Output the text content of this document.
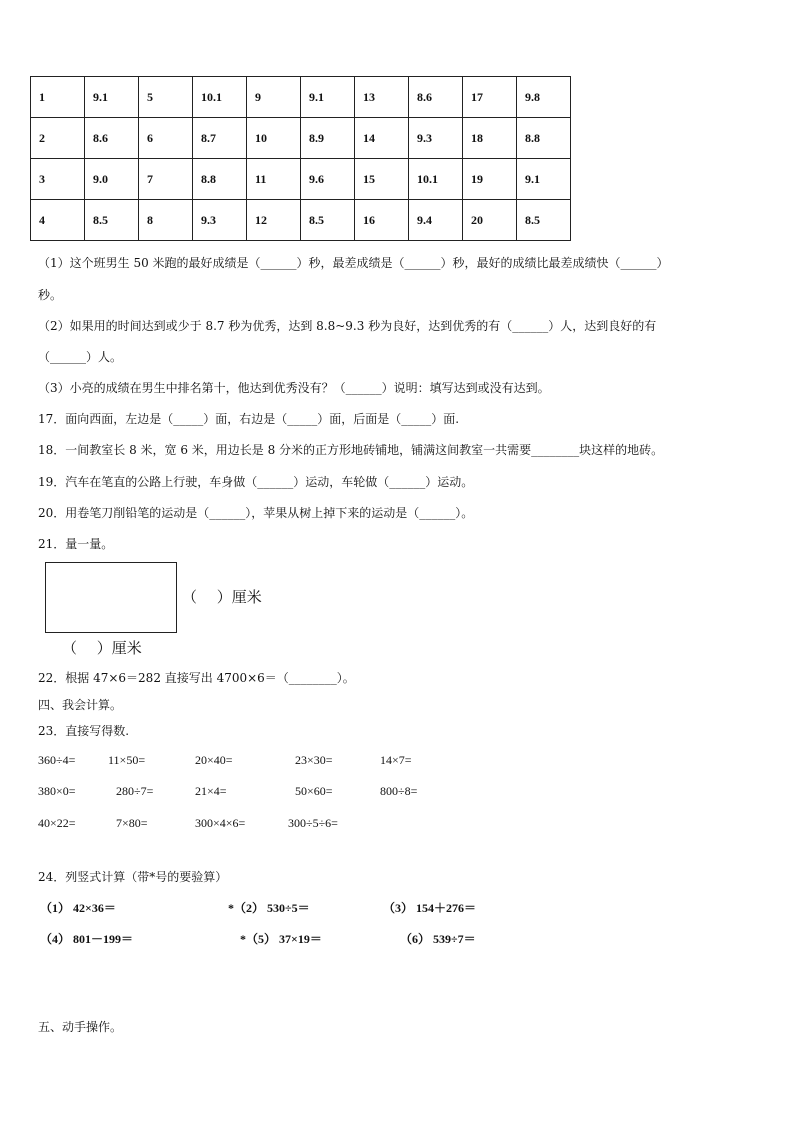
1	9.1	5	10.1	9	9.1	13	8.6	17	9.8
2	8.6	6	8.7	10	8.9	14	9.3	18	8.8
3	9.0	7	8.8	11	9.6	15	10.1	19	9.1
4	8.5	8	9.3	12	8.5	16	9.4	20	8.5
（1）这个班男生 50 米跑的最好成绩是（______）秒，最差成绩是（______）秒，最好的成绩比最差成绩快（______）
秒。
（2）如果用的时间达到或少于 8.7 秒为优秀，达到 8.8~9.3 秒为良好，达到优秀的有（______）人，达到良好的有
（______）人。
（3）小亮的成绩在男生中排名第十，他达到优秀没有？（______）说明：填写达到或没有达到。
17．面向西面，左边是（_____）面，右边是（_____）面，后面是（_____）面.
18．一间教室长 8 米，宽 6 米，用边长是 8 分米的正方形地砖铺地，铺满这间教室一共需要________块这样的地砖。
19．汽车在笔直的公路上行驶，车身做（______）运动，车轮做（______）运动。
20．用卷笔刀削铅笔的运动是（______），苹果从树上掉下来的运动是（______）。
21．量一量。
（　 ）厘米
（　 ）厘米
22．根据 47×6＝282 直接写出 4700×6＝（________）。
四、我会计算。
23．直接写得数.
360÷4=	11×50=	20×40=	23×30=	14×7=
380×0=	280÷7=	21×4=	50×60=	800÷8=
40×22=	7×80=	300×4×6=	300÷5÷6=
24．列竖式计算（带*号的要验算）
（1） 42×36＝	*（2） 530÷5＝	（3） 154＋276＝
（4） 801－199＝	*（5） 37×19＝	（6） 539÷7＝
五、动手操作。
